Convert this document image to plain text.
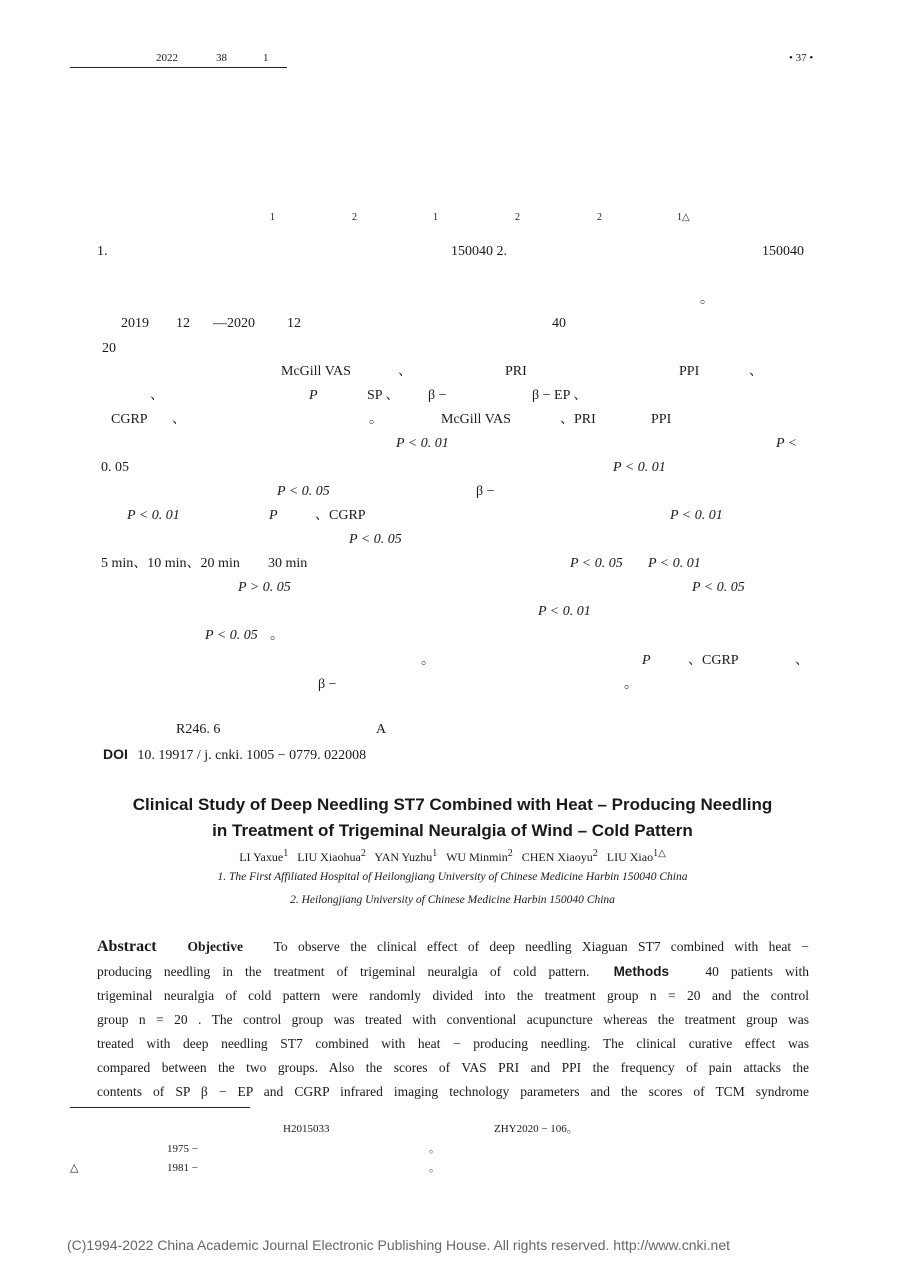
2022	38	1	• 37 •
1	2	1	2	2	1△
1.	150040 2.	150040
。
2019 12 —2020 12	40
20
McGill VAS	、	PRI	PPI	、
、	P	SP 、 β −	β − EP 、
CGRP 、	。	McGill VAS	、PRI	PPI
P < 0. 01	P <
0. 05	P < 0. 01
P < 0. 05	β −
P < 0. 01	P	、CGRP	P < 0. 01
P < 0. 05
5 min、10 min、20 min 30 min	P < 0. 05 P < 0. 01
P > 0. 05	P < 0. 05
P < 0. 01
P < 0. 05 。
。	P	、CGRP	、
β −	。
R246. 6	A
DOI 10. 19917 / j. cnki. 1005 − 0779. 022008
Clinical Study of Deep Needling ST7 Combined with Heat – Producing Needling
in Treatment of Trigeminal Neuralgia of Wind – Cold Pattern
LI Yaxue$^1$ LIU Xiaohua$^2$ YAN Yuzhu$^1$ WU Minmin$^2$ CHEN Xiaoyu$^2$ LIU Xiao$^{1\triangle}$
1. The First Affiliated Hospital of Heilongjiang University of Chinese Medicine Harbin 150040 China
2. Heilongjiang University of Chinese Medicine Harbin 150040 China
Abstract Objective To observe the clinical effect of deep needling Xiaguan ST7 combined with heat −
producing needling in the treatment of trigeminal neuralgia of cold pattern. Methods	40 patients with
trigeminal neuralgia of cold pattern were randomly divided into the treatment group n = 20 and the control
group n = 20 . The control group was treated with conventional acupuncture whereas the treatment group was
treated with deep needling ST7 combined with heat − producing needling. The clinical curative effect was
compared between the two groups. Also the scores of VAS PRI and PPI the frequency of pain attacks the
contents of SP β − EP and CGRP infrared imaging technology parameters and the scores of TCM syndrome
H2015033	ZHY2020 − 106。
1975 −	。
△	1981 −	。
(C)1994-2022 China Academic Journal Electronic Publishing House. All rights reserved. http://www.cnki.net
